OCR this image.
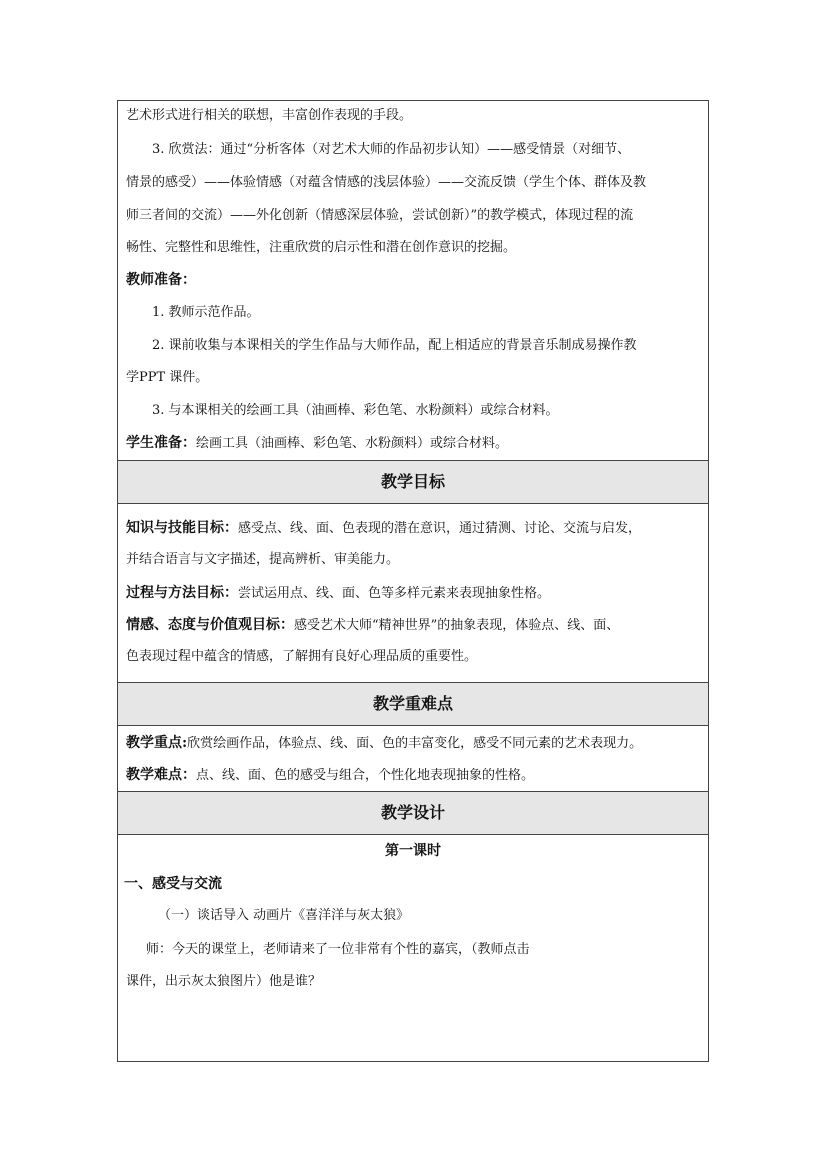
艺术形式进行相关的联想，丰富创作表现的手段。
3. 欣赏法：通过“分析客体（对艺术大师的作品初步认知）——感受情景（对细节、
情景的感受）——体验情感（对蕴含情感的浅层体验）——交流反馈（学生个体、群体及教
师三者间的交流）——外化创新（情感深层体验，尝试创新）”的教学模式，体现过程的流
畅性、完整性和思维性，注重欣赏的启示性和潜在创作意识的挖掘。
教师准备：
1. 教师示范作品。
2. 课前收集与本课相关的学生作品与大师作品，配上相适应的背景音乐制成易操作教
学PPT 课件。
3. 与本课相关的绘画工具（油画棒、彩色笔、水粉颜料）或综合材料。
学生准备：绘画工具（油画棒、彩色笔、水粉颜料）或综合材料。
教学目标
知识与技能目标：感受点、线、面、色表现的潜在意识，通过猜测、讨论、交流与启发，
并结合语言与文字描述，提高辨析、审美能力。
过程与方法目标：尝试运用点、线、面、色等多样元素来表现抽象性格。
情感、态度与价值观目标：感受艺术大师“精神世界”的抽象表现，体验点、线、面、
色表现过程中蕴含的情感，了解拥有良好心理品质的重要性。
教学重难点
教学重点:欣赏绘画作品，体验点、线、面、色的丰富变化，感受不同元素的艺术表现力。
教学难点：点、线、面、色的感受与组合，个性化地表现抽象的性格。
教学设计
第一课时
一、感受与交流
（一）谈话导入 动画片《喜洋洋与灰太狼》
师：今天的课堂上，老师请来了一位非常有个性的嘉宾，（教师点击
课件，出示灰太狼图片）他是谁？
